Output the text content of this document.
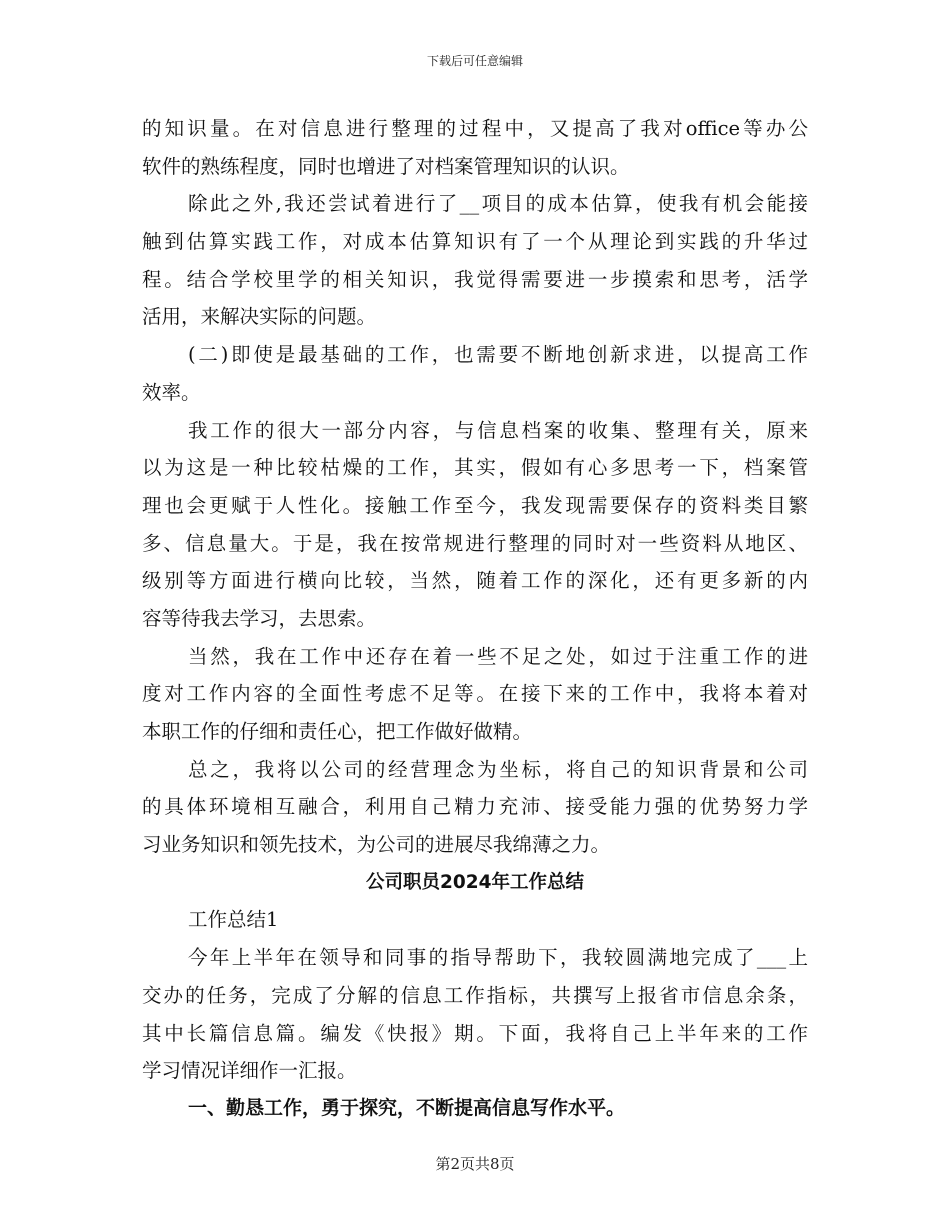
下载后可任意编辑
的知识量。在对信息进行整理的过程中，又提高了我对office等办公
软件的熟练程度，同时也增进了对档案管理知识的认识。
除此之外,我还尝试着进行了__项目的成本估算，使我有机会能接
触到估算实践工作，对成本估算知识有了一个从理论到实践的升华过
程。结合学校里学的相关知识，我觉得需要进一步摸索和思考，活学
活用，来解决实际的问题。
(二)即使是最基础的工作，也需要不断地创新求进，以提高工作
效率。
我工作的很大一部分内容，与信息档案的收集、整理有关，原来
以为这是一种比较枯燥的工作，其实，假如有心多思考一下，档案管
理也会更赋于人性化。接触工作至今，我发现需要保存的资料类目繁
多、信息量大。于是，我在按常规进行整理的同时对一些资料从地区、
级别等方面进行横向比较，当然，随着工作的深化，还有更多新的内
容等待我去学习，去思索。
当然，我在工作中还存在着一些不足之处，如过于注重工作的进
度对工作内容的全面性考虑不足等。在接下来的工作中，我将本着对
本职工作的仔细和责任心，把工作做好做精。
总之，我将以公司的经营理念为坐标，将自己的知识背景和公司
的具体环境相互融合，利用自己精力充沛、接受能力强的优势努力学
习业务知识和领先技术，为公司的进展尽我绵薄之力。
公司职员2024年工作总结
工作总结1
今年上半年在领导和同事的指导帮助下，我较圆满地完成了___上
交办的任务，完成了分解的信息工作指标，共撰写上报省市信息余条，
其中长篇信息篇。编发《快报》期。下面，我将自己上半年来的工作
学习情况详细作一汇报。
一、勤恳工作，勇于探究，不断提高信息写作水平。
第2页共8页
